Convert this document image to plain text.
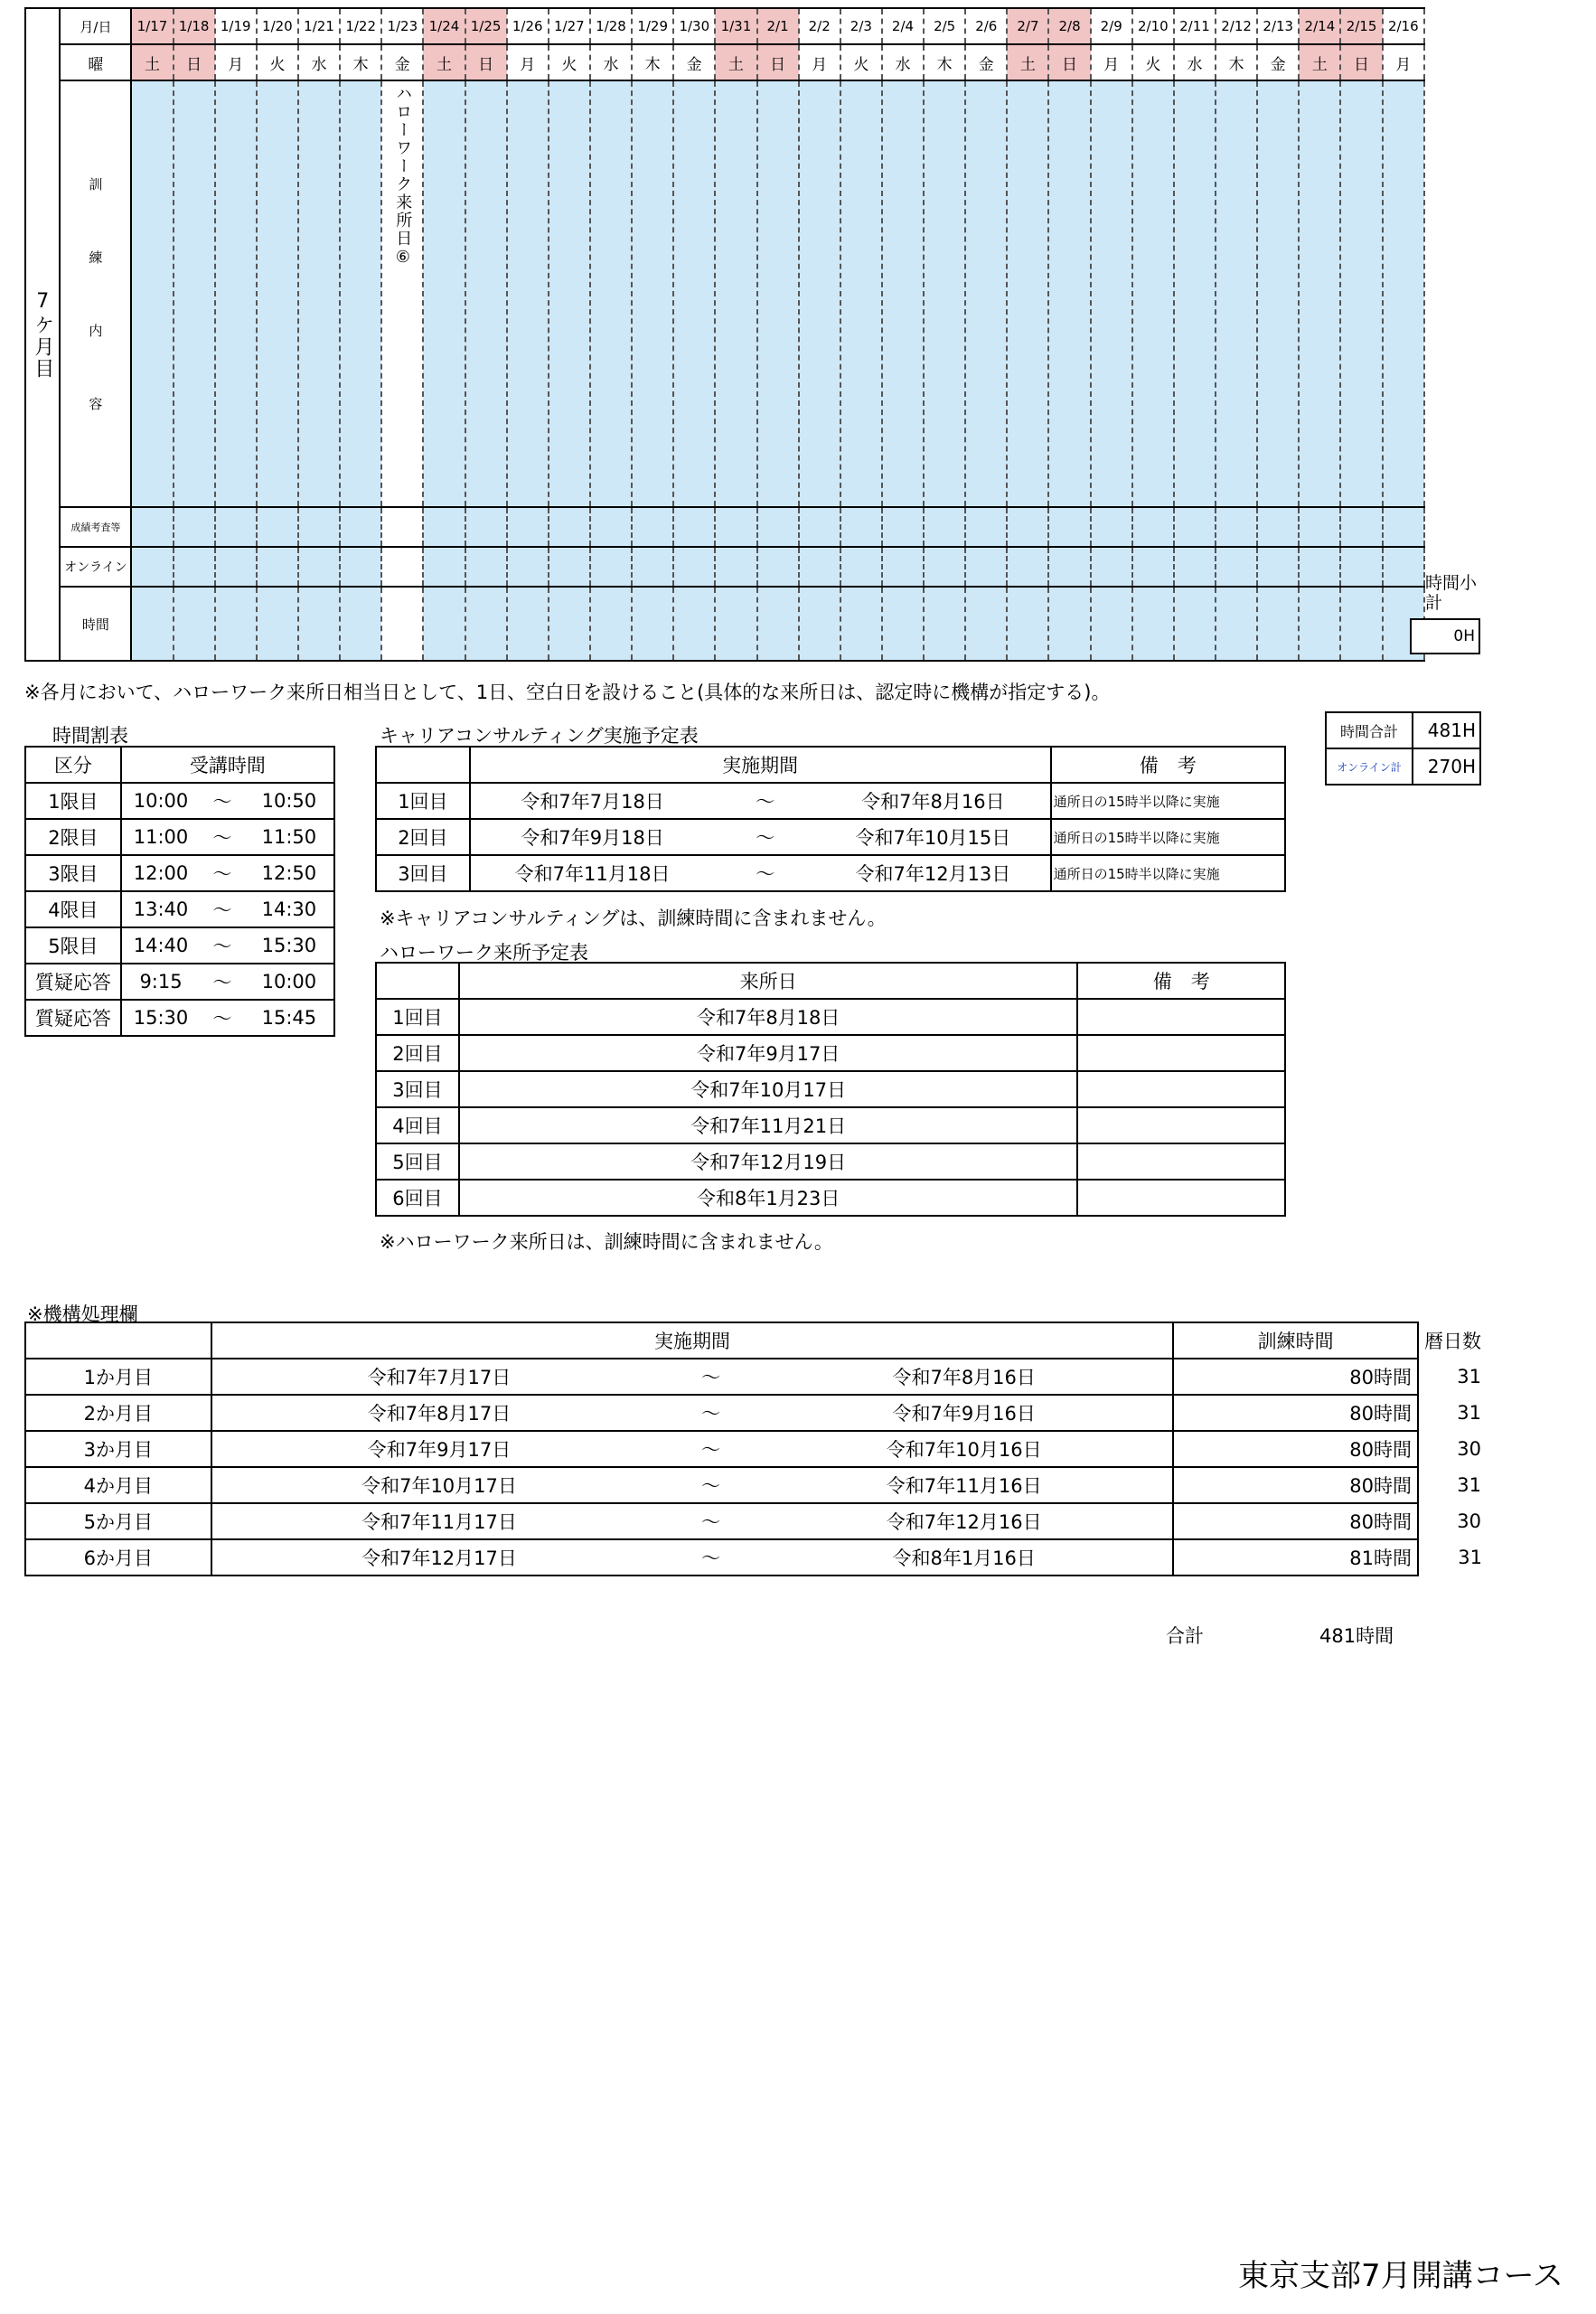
7ケ月目	月/日	1/17	1/18	1/19	1/20	1/21	1/22	1/23	1/24	1/25	1/26	1/27	1/28	1/29	1/30	1/31	2/1	2/2	2/3	2/4	2/5	2/6	2/7	2/8	2/9	2/10	2/11	2/12	2/13	2/14	2/15	2/16
	曜	土	日	月	火	水	木	金	土	日	月	火	水	木	金	土	日	月	火	水	木	金	土	日	月	火	水	木	金	土	日	月

	訓
練
内
容							ハローワーク来所日⑥																								

	成績考査等																															
	オンライン																															
	時間																															
時間小計
0H
※各月において、ハローワーク来所日相当日として、1日、空白日を設けること(具体的な来所日は、認定時に機構が指定する)。
時間合計	481H
オンライン計	270H
時間割表
区分	受講時間		
1限目	10:00	～	10:50
2限目	11:00	～	11:50
3限目	12:00	～	12:50
4限目	13:40	～	14:30
5限目	14:40	～	15:30
質疑応答	9:15	～	10:00
質疑応答	15:30	～	15:45
キャリアコンサルティング実施予定表
	実施期間			備　考
1回目	令和7年7月18日	～	令和7年8月16日	通所日の15時半以降に実施
2回目	令和7年9月18日	～	令和7年10月15日	通所日の15時半以降に実施
3回目	令和7年11月18日	～	令和7年12月13日	通所日の15時半以降に実施
※キャリアコンサルティングは、訓練時間に含まれません。
ハローワーク来所予定表
	来所日	備　考
1回目	令和7年8月18日	
2回目	令和7年9月17日	
3回目	令和7年10月17日	
4回目	令和7年11月21日	
5回目	令和7年12月19日	
6回目	令和8年1月23日	
※ハローワーク来所日は、訓練時間に含まれません。
※機構処理欄
	実施期間			訓練時間	暦日数
1か月目	令和7年7月17日	～	令和7年8月16日	80時間	31
2か月目	令和7年8月17日	～	令和7年9月16日	80時間	31
3か月目	令和7年9月17日	～	令和7年10月16日	80時間	30
4か月目	令和7年10月17日	～	令和7年11月16日	80時間	31
5か月目	令和7年11月17日	～	令和7年12月16日	80時間	30
6か月目	令和7年12月17日	～	令和8年1月16日	81時間	31
合計	481時間
東京支部7月開講コース
